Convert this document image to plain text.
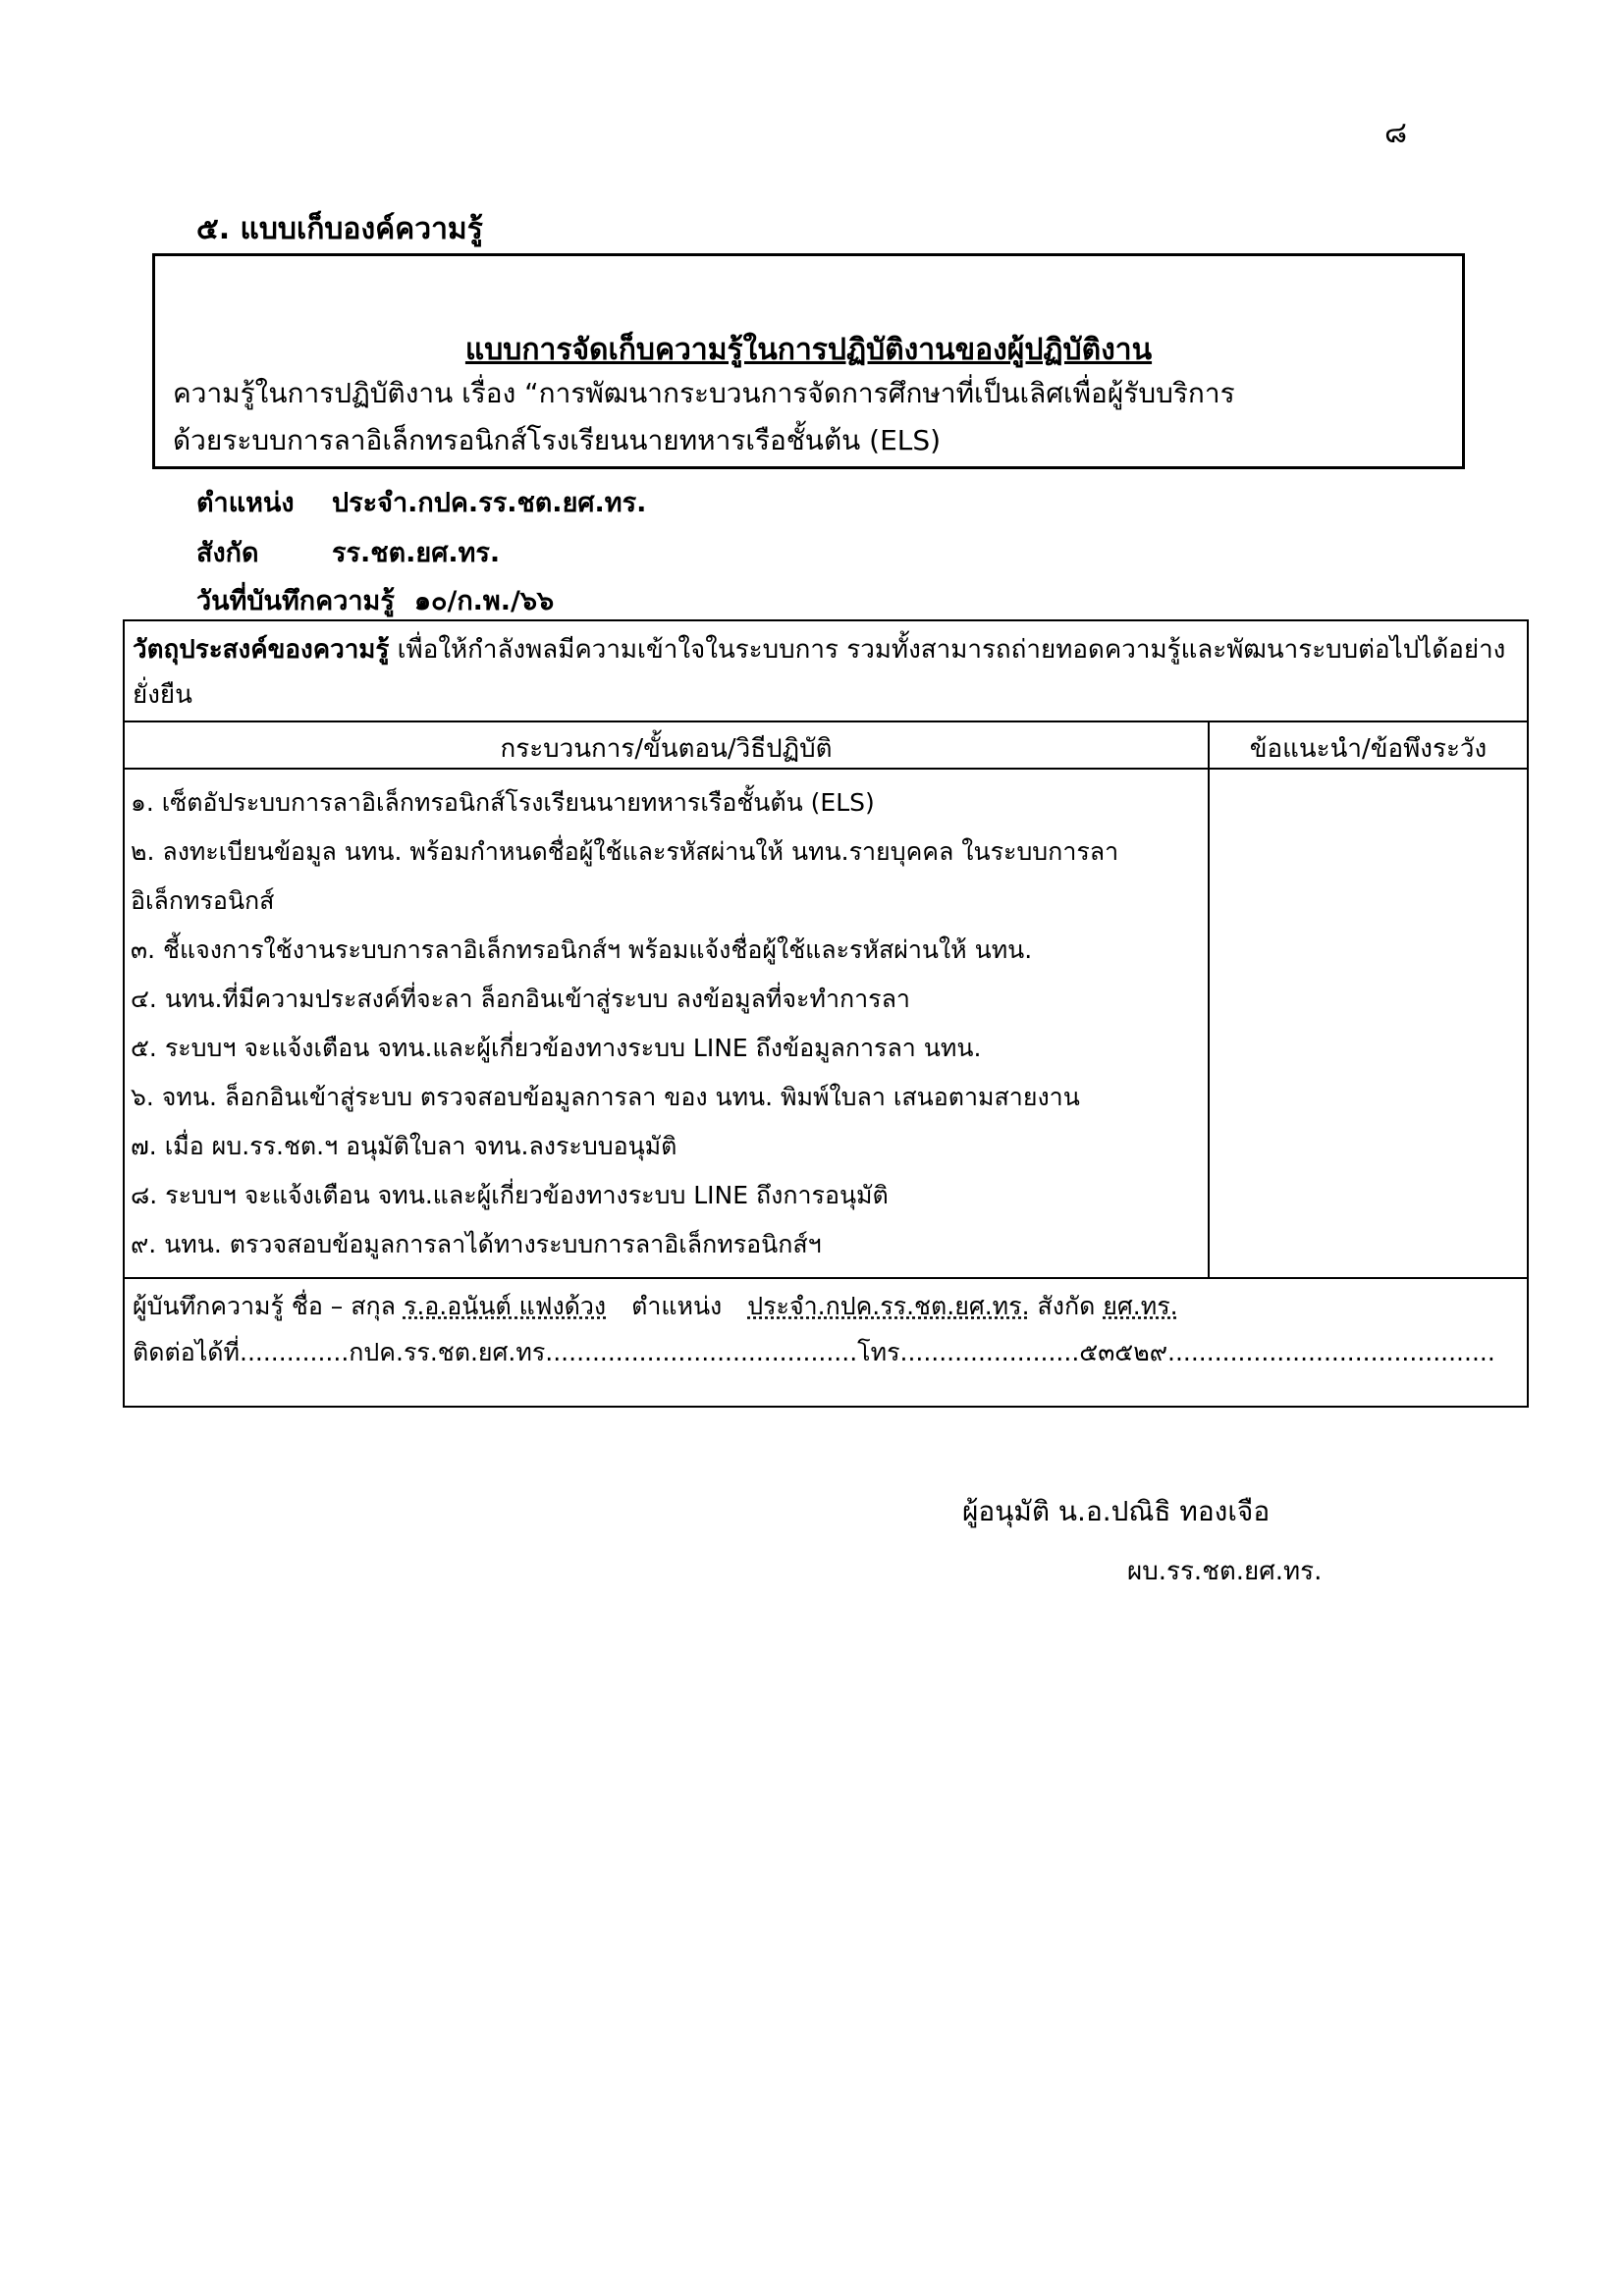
๘
๕. แบบเก็บองค์ความรู้
แบบการจัดเก็บความรู้ในการปฏิบัติงานของผู้ปฏิบัติงาน
ความรู้ในการปฏิบัติงาน เรื่อง “การพัฒนากระบวนการจัดการศึกษาที่เป็นเลิศเพื่อผู้รับบริการ
ด้วยระบบการลาอิเล็กทรอนิกส์โรงเรียนนายทหารเรือชั้นต้น (ELS)
ตำแหน่ง ประจำ.กปค.รร.ชต.ยศ.ทร.
สังกัด	รร.ชต.ยศ.ทร.
วันที่บันทึกความรู้ ๑๐/ก.พ./๖๖
วัตถุประสงค์ของความรู้ เพื่อให้กำลังพลมีความเข้าใจในระบบการ รวมทั้งสามารถถ่ายทอดความรู้และพัฒนาระบบต่อไปได้อย่างยั่งยืน
กระบวนการ/ขั้นตอน/วิธีปฏิบัติ	ข้อแนะนำ/ข้อพึงระวัง
๑. เซ็ตอัประบบการลาอิเล็กทรอนิกส์โรงเรียนนายทหารเรือชั้นต้น (ELS)
๒. ลงทะเบียนข้อมูล นทน. พร้อมกำหนดชื่อผู้ใช้และรหัสผ่านให้ นทน.รายบุคคล ในระบบการลาอิเล็กทรอนิกส์
๓. ชี้แจงการใช้งานระบบการลาอิเล็กทรอนิกส์ฯ พร้อมแจ้งชื่อผู้ใช้และรหัสผ่านให้ นทน.
๔. นทน.ที่มีความประสงค์ที่จะลา ล็อกอินเข้าสู่ระบบ ลงข้อมูลที่จะทำการลา
๕. ระบบฯ จะแจ้งเตือน จทน.และผู้เกี่ยวข้องทางระบบ LINE ถึงข้อมูลการลา นทน.
๖. จทน. ล็อกอินเข้าสู่ระบบ ตรวจสอบข้อมูลการลา ของ นทน. พิมพ์ใบลา เสนอตามสายงาน
๗. เมื่อ ผบ.รร.ชต.ฯ อนุมัติใบลา จทน.ลงระบบอนุมัติ
๘. ระบบฯ จะแจ้งเตือน จทน.และผู้เกี่ยวข้องทางระบบ LINE ถึงการอนุมัติ
๙. นทน. ตรวจสอบข้อมูลการลาได้ทางระบบการลาอิเล็กทรอนิกส์ฯ
ผู้บันทึกความรู้ ชื่อ – สกุล ร.อ.อนันต์ แฟงด้วง ตำแหน่ง ประจำ.กปค.รร.ชต.ยศ.ทร. สังกัด ยศ.ทร.
ติดต่อได้ที่..............กปค.รร.ชต.ยศ.ทร........................................โทร.......................๕๓๕๒๙..........................................
ผู้อนุมัติ น.อ.ปณิธิ ทองเจือ
ผบ.รร.ชต.ยศ.ทร.
